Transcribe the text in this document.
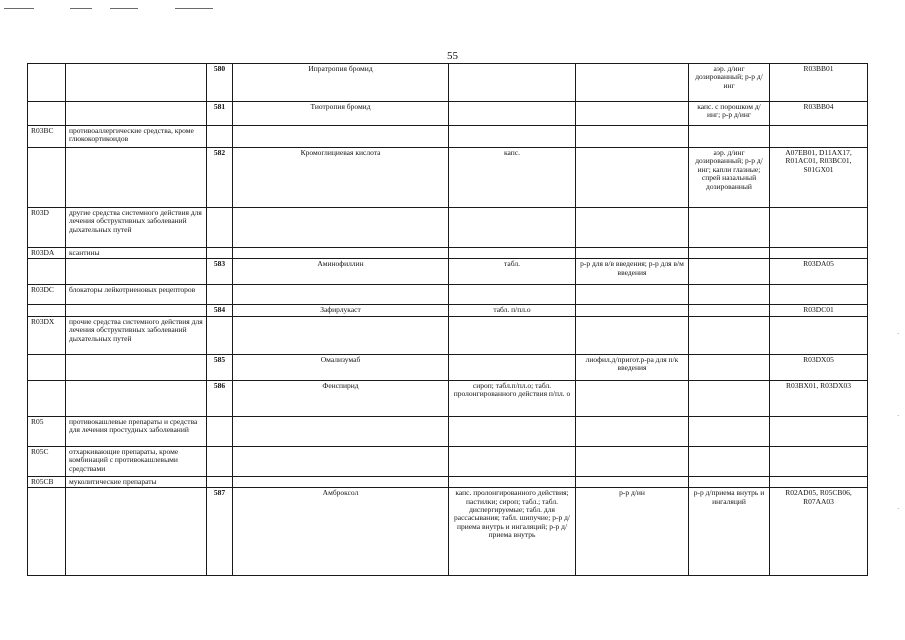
55
		580	Ипратропия бромид			аэр. д/инг дозированный; р-р д/инг	R03BB01
		581	Тиотропия бромид			капс. с порошком д/инг; р-р д/инг	R03BB04
R03BC	противоаллергические средства, кроме глюкокортикоидов						
		582	Кромоглициевая кислота	капс.		аэр. д/инг дозированный; р-р д/инг; капли глазные; спрей назальный дозированный	A07EB01, D11AX17, R01AC01, R03BC01, S01GX01
R03D	другие средства системного действия для лечения обструктивных заболеваний дыхательных путей						
R03DA	ксантины						
		583	Аминофиллин	табл.	р-р для в/в введения; р-р для в/м введения		R03DA05
R03DC	блокаторы лейкотриеновых рецепторов						
		584	Зафирлукаст	табл. п/пл.о			R03DC01
R03DX	прочие средства системного действия для лечения обструктивных заболеваний дыхательных путей						
		585	Омализумаб		лиофил.д/пригот.р-ра для п/к введения		R03DX05
		586	Фенспирид	сироп; табл.п/пл.о; табл. пролонгированного действия п/пл. о			R03BX01, R03DX03
R05	противокашлевые препараты и средства для лечения простудных заболеваний						
R05C	отхаркивающие препараты, кроме комбинаций с противокашлевыми средствами						
R05CB	муколитические препараты						
		587	Амброксол	капс. пролонгированного действия; пастилки; сироп; табл.; табл. диспергируемые; табл. для рассасывания; табл. шипучие; р-р д/приема внутрь и ингаляций; р-р д/приема внутрь	р-р д/ин	р-р д/приема внутрь и ингаляций	R02AD05, R05CB06, R07AA03
·
·
·
